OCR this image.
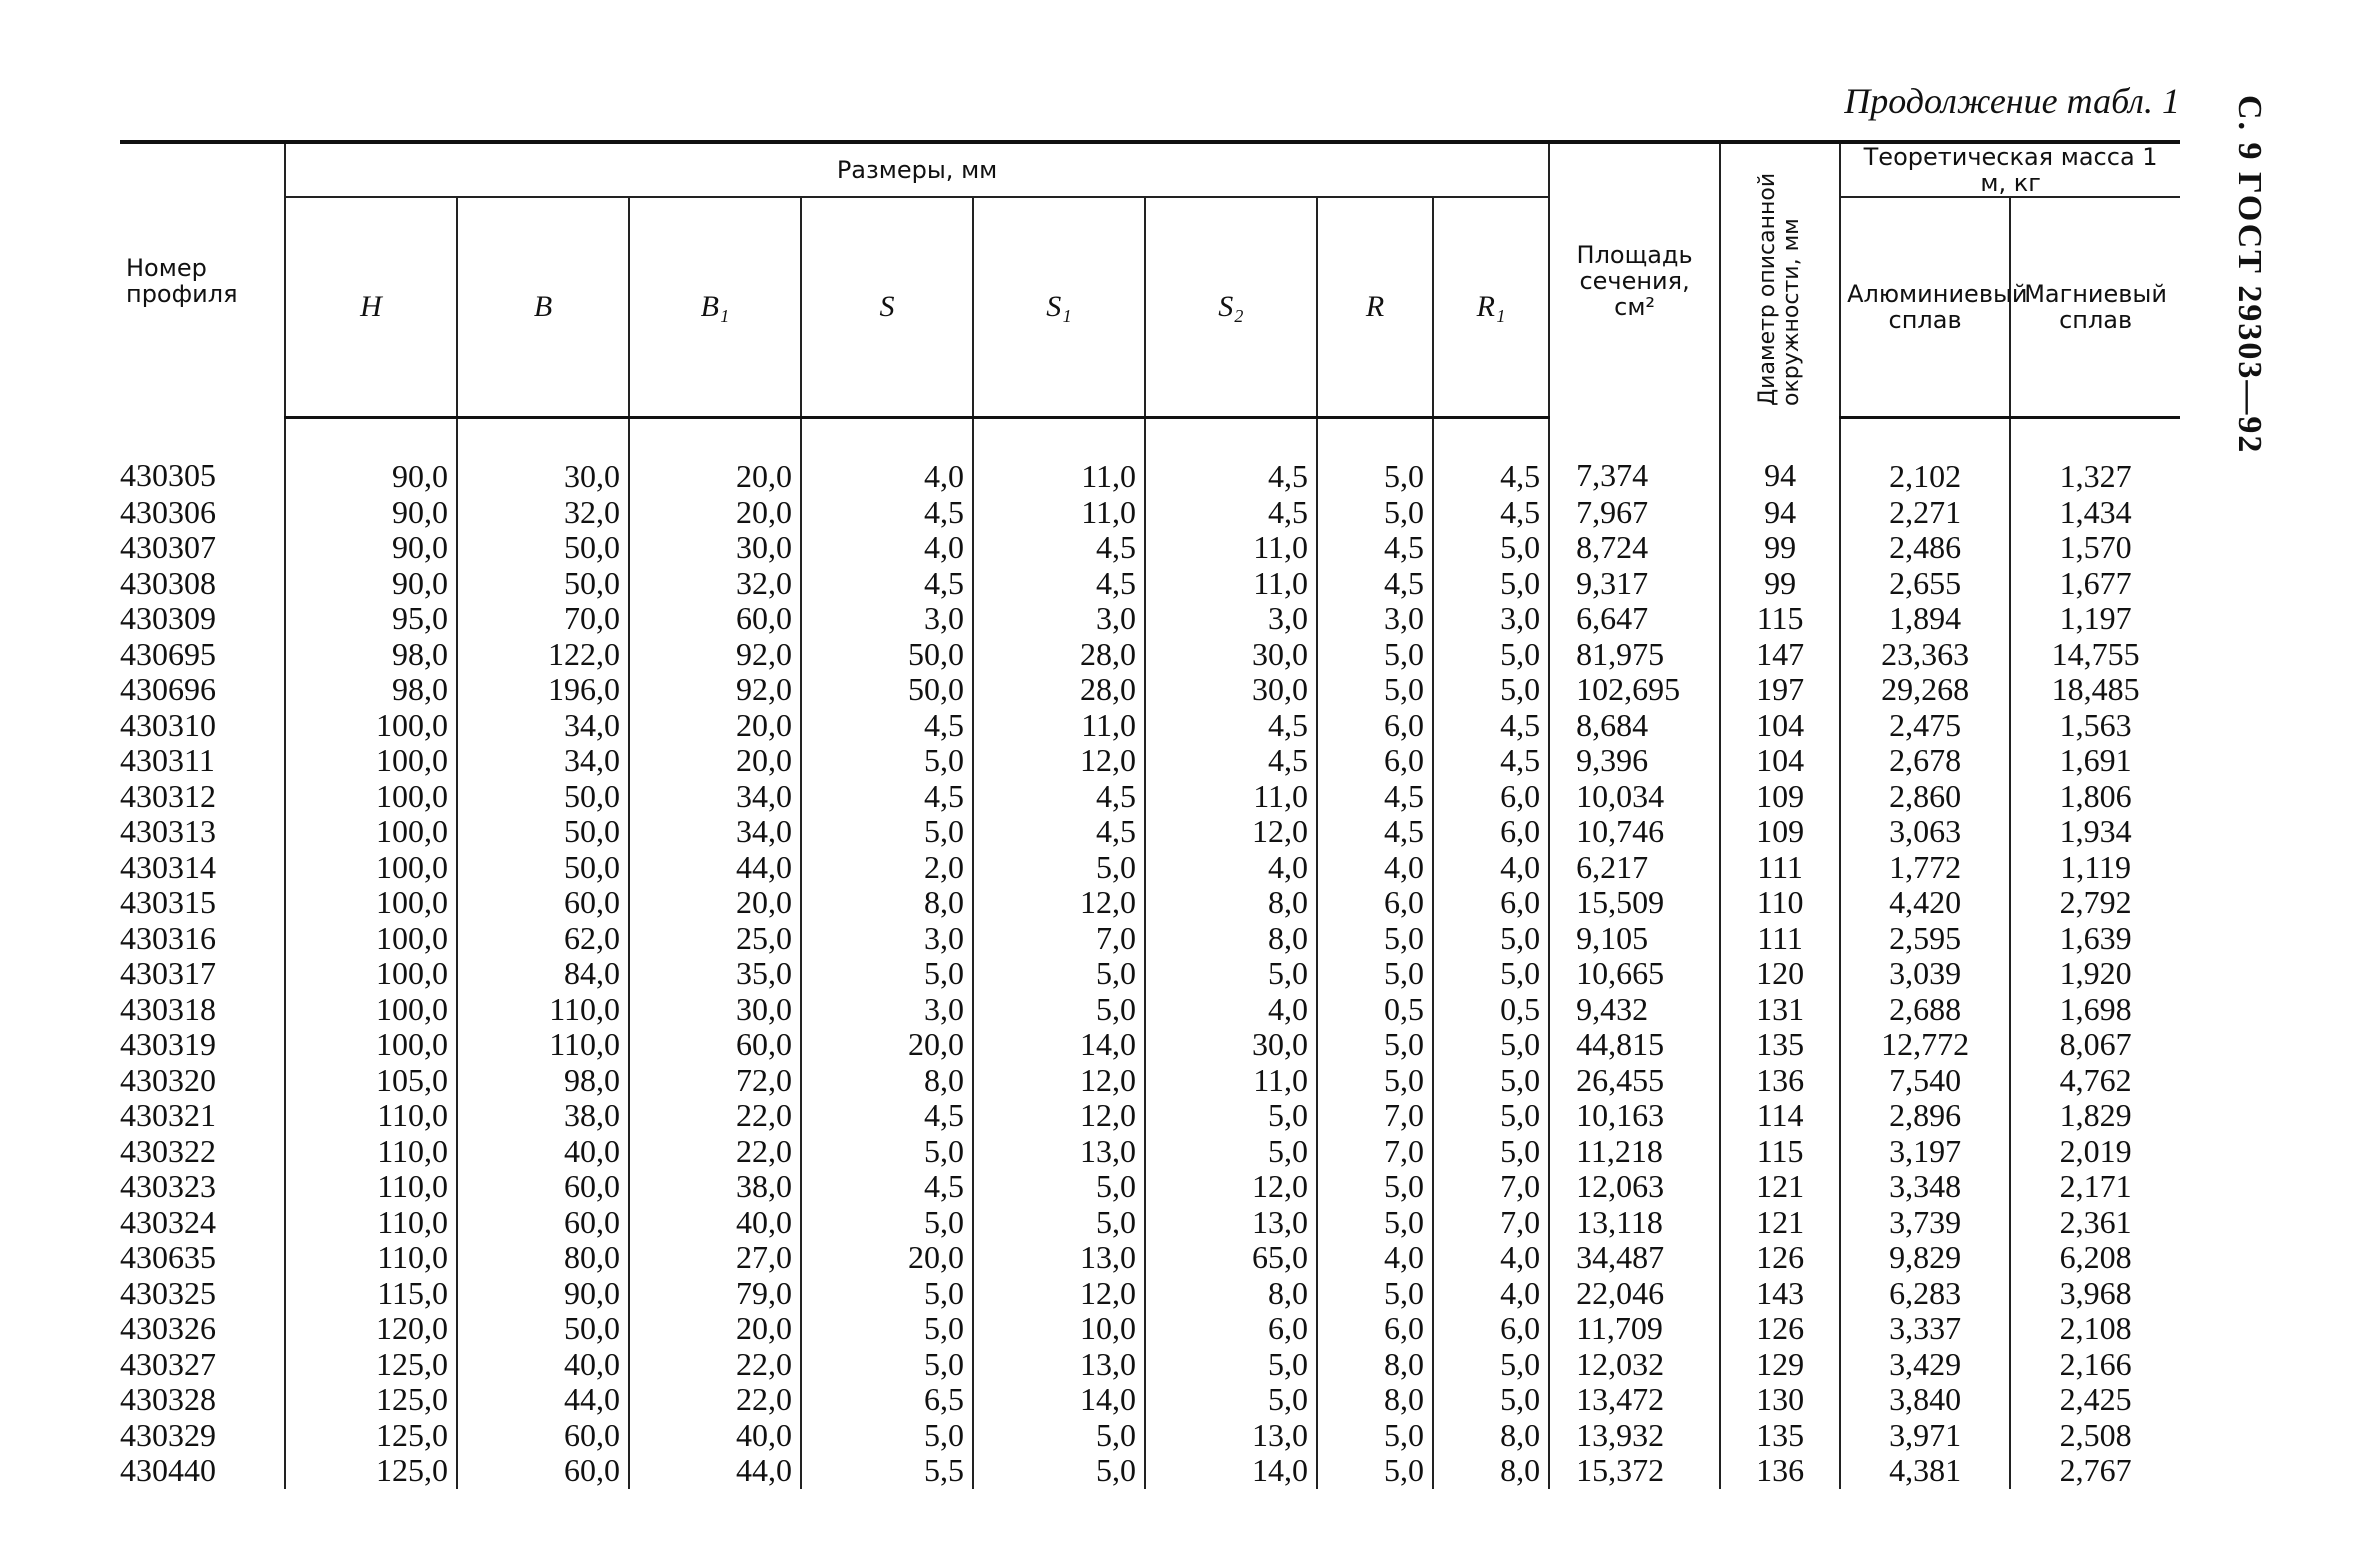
Продолжение табл. 1 С. 9 ГОСТ 29303—92
Номер профиля	Размеры, мм								Площадь сечения, см²	Диаметр описанной окружности, мм	Теоретическая масса 1 м, кг	
	H	B	B₁	S	S₁	S₂	R	R₁			Алюминиевый сплав	Магниевый сплав
430305	90,0	30,0	20,0	4,0	11,0	4,5	5,0	4,5	7,374	94	2,102	1,327
430306	90,0	32,0	20,0	4,5	11,0	4,5	5,0	4,5	7,967	94	2,271	1,434
430307	90,0	50,0	30,0	4,0	4,5	11,0	4,5	5,0	8,724	99	2,486	1,570
430308	90,0	50,0	32,0	4,5	4,5	11,0	4,5	5,0	9,317	99	2,655	1,677
430309	95,0	70,0	60,0	3,0	3,0	3,0	3,0	3,0	6,647	115	1,894	1,197
430695	98,0	122,0	92,0	50,0	28,0	30,0	5,0	5,0	81,975	147	23,363	14,755
430696	98,0	196,0	92,0	50,0	28,0	30,0	5,0	5,0	102,695	197	29,268	18,485
430310	100,0	34,0	20,0	4,5	11,0	4,5	6,0	4,5	8,684	104	2,475	1,563
430311	100,0	34,0	20,0	5,0	12,0	4,5	6,0	4,5	9,396	104	2,678	1,691
430312	100,0	50,0	34,0	4,5	4,5	11,0	4,5	6,0	10,034	109	2,860	1,806
430313	100,0	50,0	34,0	5,0	4,5	12,0	4,5	6,0	10,746	109	3,063	1,934
430314	100,0	50,0	44,0	2,0	5,0	4,0	4,0	4,0	6,217	111	1,772	1,119
430315	100,0	60,0	20,0	8,0	12,0	8,0	6,0	6,0	15,509	110	4,420	2,792
430316	100,0	62,0	25,0	3,0	7,0	8,0	5,0	5,0	9,105	111	2,595	1,639
430317	100,0	84,0	35,0	5,0	5,0	5,0	5,0	5,0	10,665	120	3,039	1,920
430318	100,0	110,0	30,0	3,0	5,0	4,0	0,5	0,5	9,432	131	2,688	1,698
430319	100,0	110,0	60,0	20,0	14,0	30,0	5,0	5,0	44,815	135	12,772	8,067
430320	105,0	98,0	72,0	8,0	12,0	11,0	5,0	5,0	26,455	136	7,540	4,762
430321	110,0	38,0	22,0	4,5	12,0	5,0	7,0	5,0	10,163	114	2,896	1,829
430322	110,0	40,0	22,0	5,0	13,0	5,0	7,0	5,0	11,218	115	3,197	2,019
430323	110,0	60,0	38,0	4,5	5,0	12,0	5,0	7,0	12,063	121	3,348	2,171
430324	110,0	60,0	40,0	5,0	5,0	13,0	5,0	7,0	13,118	121	3,739	2,361
430635	110,0	80,0	27,0	20,0	13,0	65,0	4,0	4,0	34,487	126	9,829	6,208
430325	115,0	90,0	79,0	5,0	12,0	8,0	5,0	4,0	22,046	143	6,283	3,968
430326	120,0	50,0	20,0	5,0	10,0	6,0	6,0	6,0	11,709	126	3,337	2,108
430327	125,0	40,0	22,0	5,0	13,0	5,0	8,0	5,0	12,032	129	3,429	2,166
430328	125,0	44,0	22,0	6,5	14,0	5,0	8,0	5,0	13,472	130	3,840	2,425
430329	125,0	60,0	40,0	5,0	5,0	13,0	5,0	8,0	13,932	135	3,971	2,508
430440	125,0	60,0	44,0	5,5	5,0	14,0	5,0	8,0	15,372	136	4,381	2,767
